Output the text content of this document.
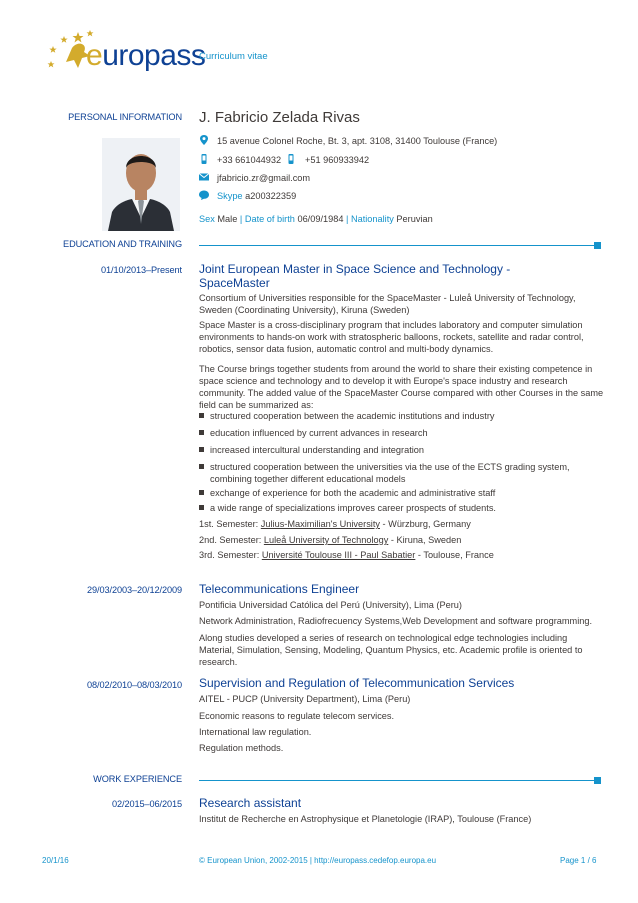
europass
Curriculum vitae
PERSONAL INFORMATION J. Fabricio Zelada Rivas
15 avenue Colonel Roche, Bt. 3, apt. 3108, 31400 Toulouse (France)
+33 661044932	+51 960933942
jfabricio.zr@gmail.com
Skype a200322359
Sex Male | Date of birth 06/09/1984 | Nationality Peruvian
EDUCATION AND TRAINING
01/10/2013–Present Joint European Master in Space Science and Technology -
SpaceMaster
Consortium of Universities responsible for the SpaceMaster - Luleå University of Technology, Sweden (Coordinating University), Kiruna (Sweden)
Space Master is a cross-disciplinary program that includes laboratory and computer simulation environments to hands-on work with stratospheric balloons, rockets, satellite and radar control, robotics, sensor data fusion, automatic control and multi-body dynamics.
The Course brings together students from around the world to share their existing competence in space science and technology and to develop it with Europe's space industry and research community. The added value of the SpaceMaster Course compared with other Courses in the same field can be summarized as:
structured cooperation between the academic institutions and industry
education influenced by current advances in research
increased intercultural understanding and integration
structured cooperation between the universities via the use of the ECTS grading system, combining together different educational models
exchange of experience for both the academic and administrative staff
a wide range of specializations improves career prospects of students.
1st. Semester: Julius-Maximilian's University - Würzburg, Germany
2nd. Semester: Luleå University of Technology - Kiruna, Sweden
3rd. Semester: Université Toulouse III - Paul Sabatier - Toulouse, France
29/03/2003–20/12/2009 Telecommunications Engineer
Pontificia Universidad Católica del Perú (University), Lima (Peru)
Network Administration, Radiofrecuency Systems,Web Development and software programming.
Along studies developed a series of research on technological edge technologies including Material, Simulation, Sensing, Modeling, Quantum Physics, etc. Academic profile is oriented to research.
08/02/2010–08/03/2010 Supervision and Regulation of Telecommunication Services
AITEL - PUCP (University Department), Lima (Peru)
Economic reasons to regulate telecom services.
International law regulation.
Regulation methods.
WORK EXPERIENCE
02/2015–06/2015 Research assistant
Institut de Recherche en Astrophysique et Planetologie (IRAP), Toulouse (France)
20/1/16	© European Union, 2002-2015 | http://europass.cedefop.europa.eu	Page 1 / 6
